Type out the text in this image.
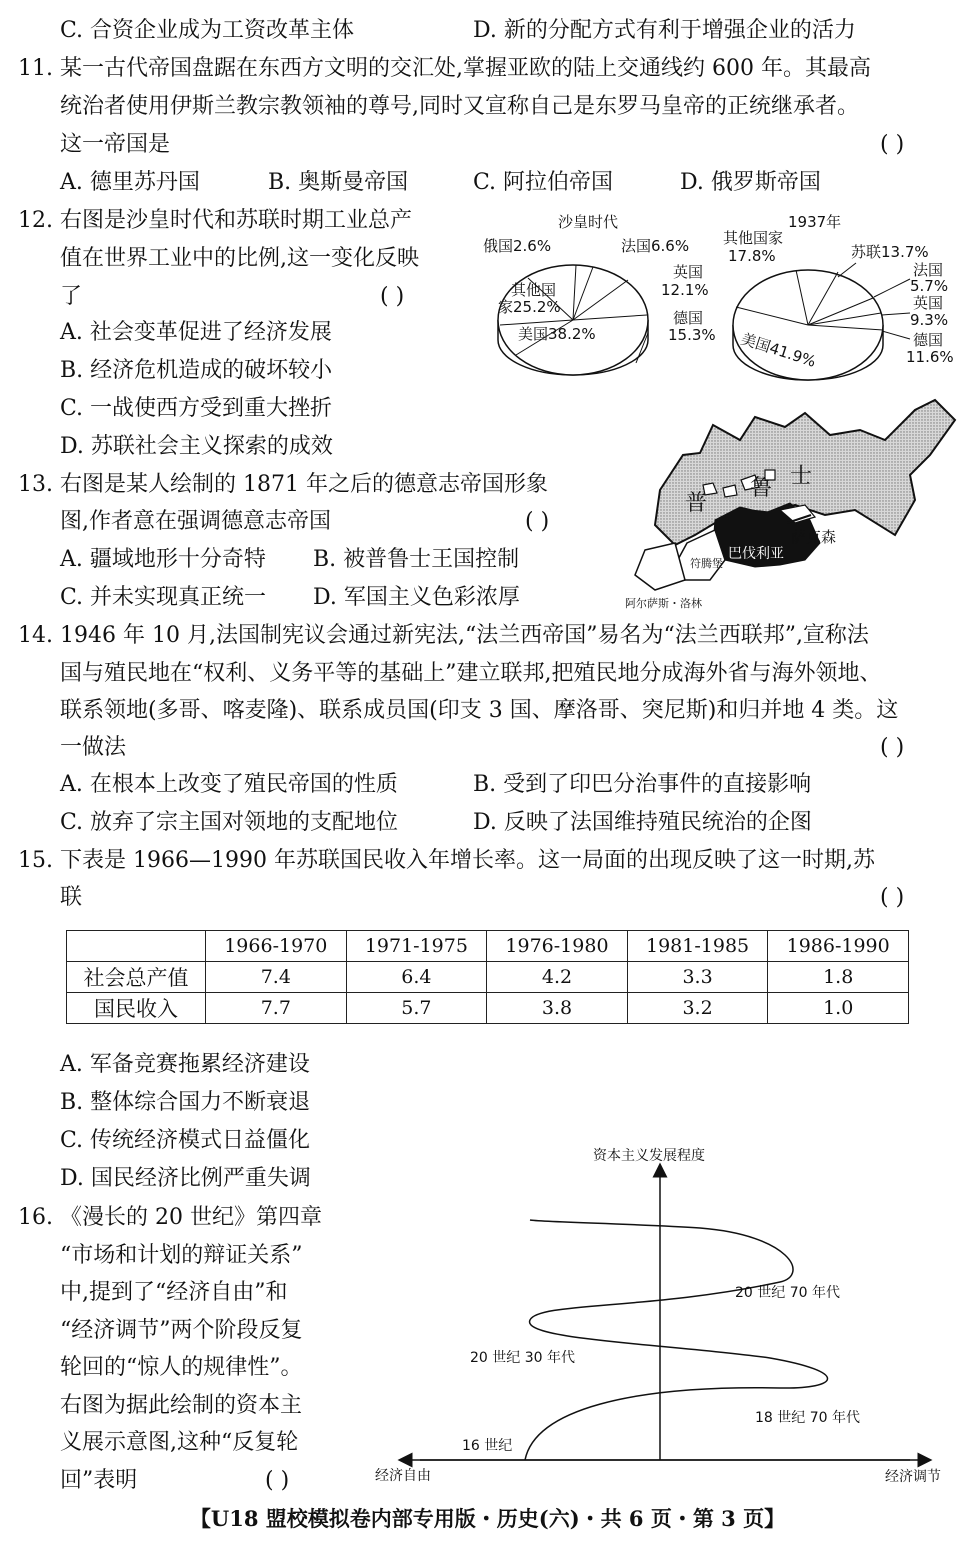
C. 合资企业成为工资改革主体	D. 新的分配方式有利于增强企业的活力
11. 某一古代帝国盘踞在东西方文明的交汇处,掌握亚欧的陆上交通线约 600 年。其最高
统治者使用伊斯兰教宗教领袖的尊号,同时又宣称自己是东罗马皇帝的正统继承者。
这一帝国是	( )
A. 德里苏丹国	B. 奥斯曼帝国	C. 阿拉伯帝国	D. 俄罗斯帝国
12. 右图是沙皇时代和苏联时期工业总产
值在世界工业中的比例,这一变化反映
了	( )
A. 社会变革促进了经济发展
B. 经济危机造成的破坏较小
C. 一战使西方受到重大挫折
D. 苏联社会主义探索的成效
沙皇时代
俄国2.6%	法国6.6%
英国
12.1%
其他国
家25.2%
德国
15.3%
美国38.2%
1937年
其他国家
17.8%	苏联13.7%
法国
5.7%
英国
9.3%
美国41.9%	德国
11.6%
13. 右图是某人绘制的 1871 年之后的德意志帝国形象
图,作者意在强调德意志帝国	( )
A. 疆域地形十分奇特 B. 被普鲁士王国控制
C. 并未实现真正统一 D. 军国主义色彩浓厚
普
鲁 士
萨克森
巴伐利亚
符腾堡
阿尔萨斯・洛林
14. 1946 年 10 月,法国制宪议会通过新宪法,“法兰西帝国”易名为“法兰西联邦”,宣称法
国与殖民地在“权利、义务平等的基础上”建立联邦,把殖民地分成海外省与海外领地、
联系领地(多哥、喀麦隆)、联系成员国(印支 3 国、摩洛哥、突尼斯)和归并地 4 类。这
一做法	( )
A. 在根本上改变了殖民帝国的性质	B. 受到了印巴分治事件的直接影响
C. 放弃了宗主国对领地的支配地位	D. 反映了法国维持殖民统治的企图
15. 下表是 1966—1990 年苏联国民收入年增长率。这一局面的出现反映了这一时期,苏
联	( )
	1966-1970	1971-1975	1976-1980	1981-1985	1986-1990
社会总产值	7.4	6.4	4.2	3.3	1.8
国民收入	7.7	5.7	3.8	3.2	1.0
A. 军备竞赛拖累经济建设
B. 整体综合国力不断衰退
C. 传统经济模式日益僵化
D. 国民经济比例严重失调
16. 《漫长的 20 世纪》第四章
“市场和计划的辩证关系”
中,提到了“经济自由”和
“经济调节”两个阶段反复
轮回的“惊人的规律性”。
右图为据此绘制的资本主
义展示意图,这种“反复轮
回”表明	( )
资本主义发展程度
经济自由	经济调节
16 世纪
18 世纪 70 年代
20 世纪 30 年代
20 世纪 70 年代
【U18 盟校模拟卷内部专用版・历史(六)・共 6 页・第 3 页】
